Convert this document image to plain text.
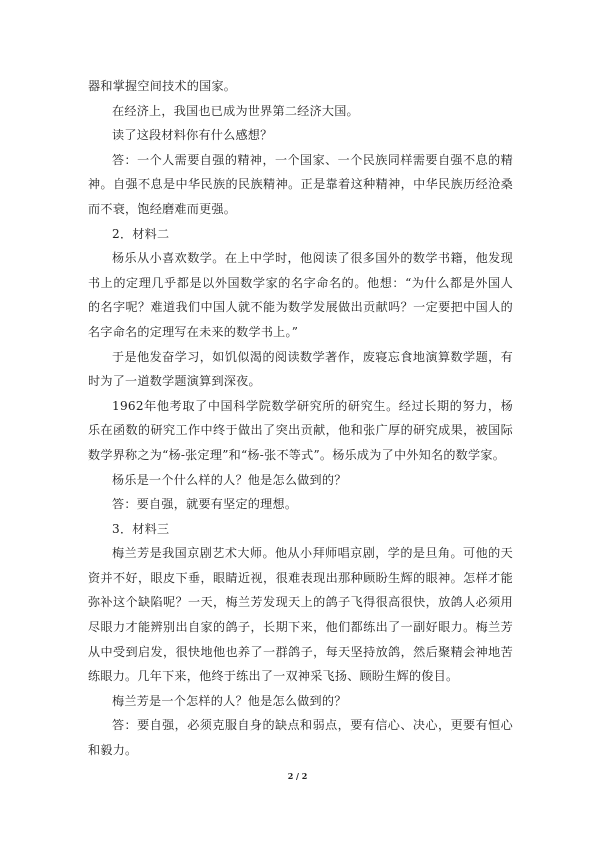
器和掌握空间技术的国家。

在经济上，我国也已成为世界第二经济大国。

读了这段材料你有什么感想？

答：一个人需要自强的精神，一个国家、一个民族同样需要自强不息的精神。自强不息是中华民族的民族精神。正是靠着这种精神，中华民族历经沧桑而不衰，饱经磨难而更强。

2．材料二

杨乐从小喜欢数学。在上中学时，他阅读了很多国外的数学书籍，他发现书上的定理几乎都是以外国数学家的名字命名的。他想：“为什么都是外国人的名字呢？难道我们中国人就不能为数学发展做出贡献吗？一定要把中国人的名字命名的定理写在未来的数学书上。”

于是他发奋学习，如饥似渴的阅读数学著作，废寝忘食地演算数学题，有时为了一道数学题演算到深夜。

1962年他考取了中国科学院数学研究所的研究生。经过长期的努力，杨乐在函数的研究工作中终于做出了突出贡献，他和张广厚的研究成果，被国际数学界称之为“杨-张定理”和“杨-张不等式”。杨乐成为了中外知名的数学家。

杨乐是一个什么样的人？他是怎么做到的？

答：要自强，就要有坚定的理想。

3．材料三

梅兰芳是我国京剧艺术大师。他从小拜师唱京剧，学的是旦角。可他的天资并不好，眼皮下垂，眼睛近视，很难表现出那种顾盼生辉的眼神。怎样才能弥补这个缺陷呢？一天，梅兰芳发现天上的鸽子飞得很高很快，放鸽人必须用尽眼力才能辨别出自家的鸽子，长期下来，他们都练出了一副好眼力。梅兰芳从中受到启发，很快地他也养了一群鸽子，每天坚持放鸽，然后聚精会神地苦练眼力。几年下来，他终于练出了一双神采飞扬、顾盼生辉的俊目。

梅兰芳是一个怎样的人？他是怎么做到的？

答：要自强，必须克服自身的缺点和弱点，要有信心、决心，更要有恒心和毅力。

2 / 2
